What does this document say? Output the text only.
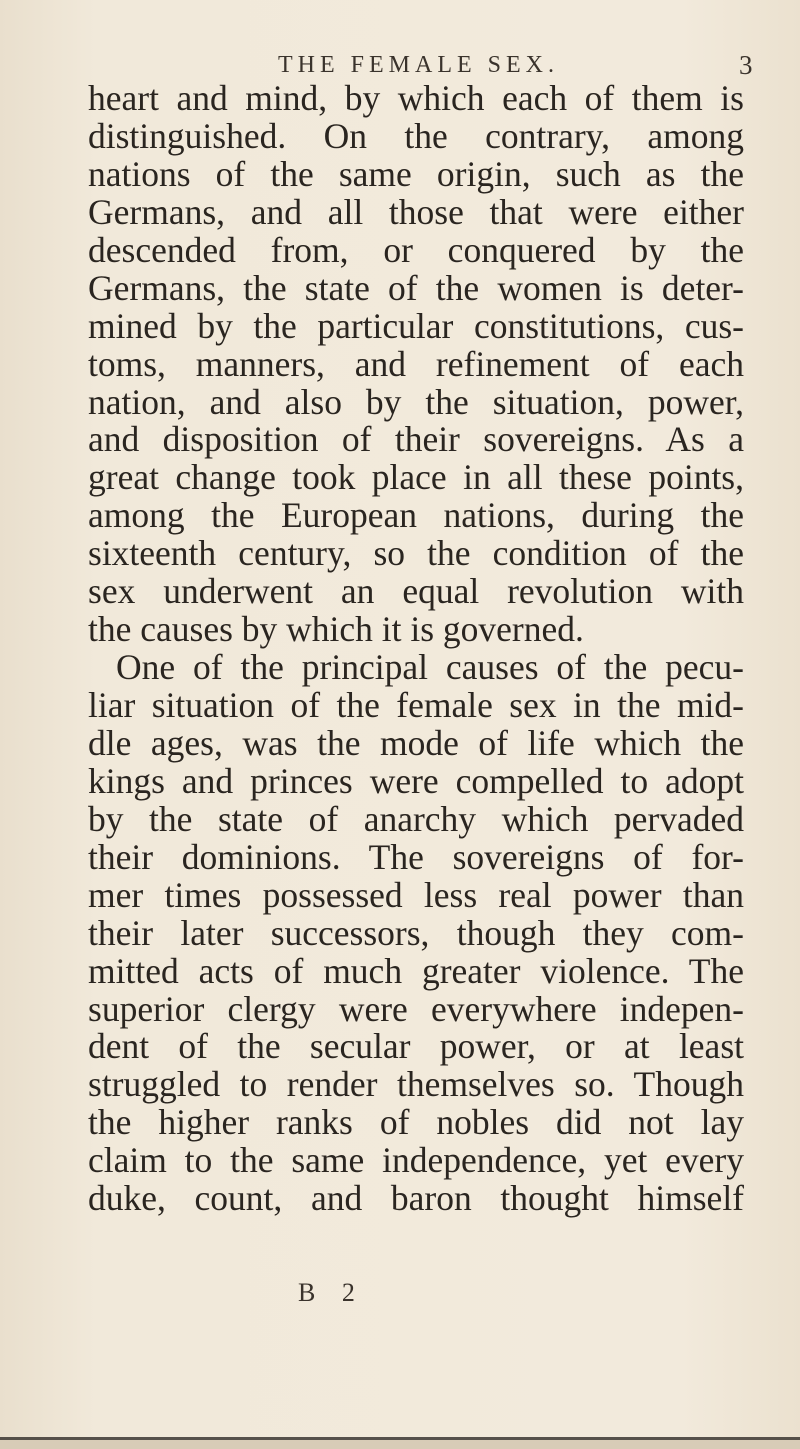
THE FEMALE SEX.	3
heart and mind, by which each of them is
distinguished. On the contrary, among
nations of the same origin, such as the
Germans, and all those that were either
descended from, or conquered by the
Germans, the state of the women is deter-
mined by the particular constitutions, cus-
toms, manners, and refinement of each
nation, and also by the situation, power,
and disposition of their sovereigns. As a
great change took place in all these points,
among the European nations, during the
sixteenth century, so the condition of the
sex underwent an equal revolution with
the causes by which it is governed.
One of the principal causes of the pecu-
liar situation of the female sex in the mid-
dle ages, was the mode of life which the
kings and princes were compelled to adopt
by the state of anarchy which pervaded
their dominions. The sovereigns of for-
mer times possessed less real power than
their later successors, though they com-
mitted acts of much greater violence. The
superior clergy were everywhere indepen-
dent of the secular power, or at least
struggled to render themselves so. Though
the higher ranks of nobles did not lay
claim to the same independence, yet every
duke, count, and baron thought himself
B 2
